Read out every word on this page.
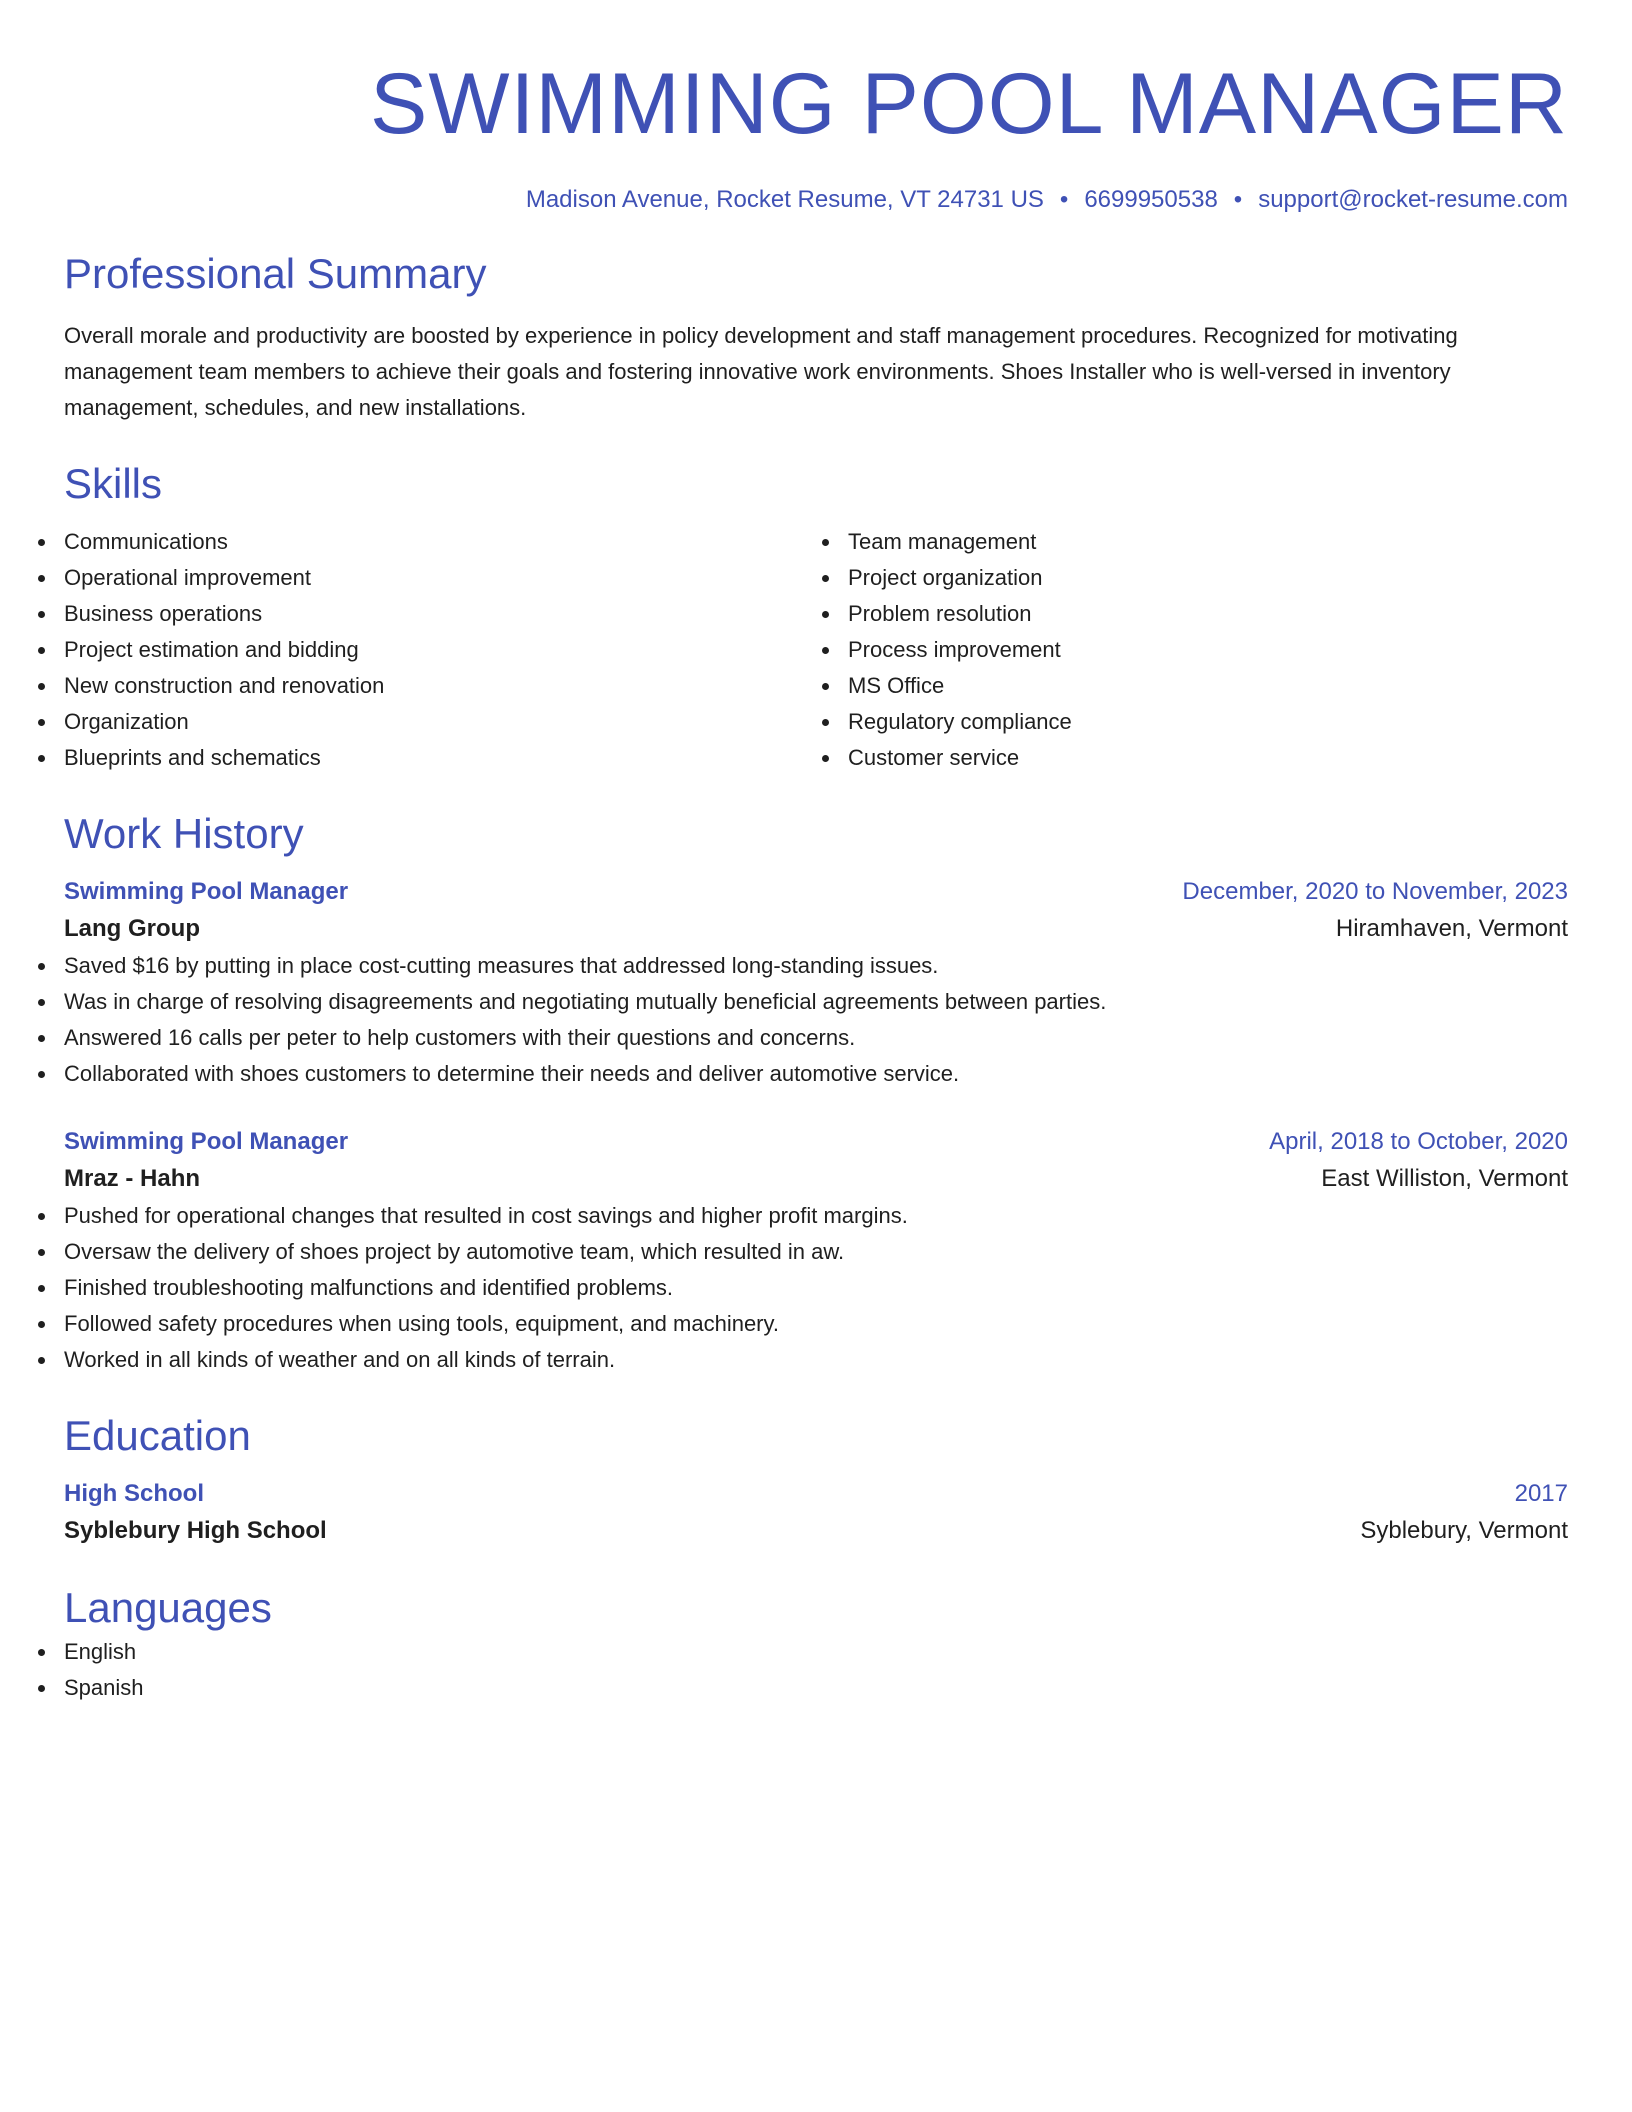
SWIMMING POOL MANAGER
Madison Avenue, Rocket Resume, VT 24731 US • 6699950538 • support@rocket-resume.com
Professional Summary

Overall morale and productivity are boosted by experience in policy development and staff management procedures. Recognized for motivating management team members to achieve their goals and fostering innovative work environments. Shoes Installer who is well-versed in inventory management, schedules, and new installations.

Skills
Communications
Operational improvement
Business operations
Project estimation and bidding
New construction and renovation
Organization
Blueprints and schematics
Team management
Project organization
Problem resolution
Process improvement
MS Office
Regulatory compliance
Customer service
Work History
Swimming Pool Manager	December, 2020 to November, 2023
Lang Group	Hiramhaven, Vermont
Saved $16 by putting in place cost-cutting measures that addressed long-standing issues.
Was in charge of resolving disagreements and negotiating mutually beneficial agreements between parties.
Answered 16 calls per peter to help customers with their questions and concerns.
Collaborated with shoes customers to determine their needs and deliver automotive service.
Swimming Pool Manager	April, 2018 to October, 2020
Mraz - Hahn	East Williston, Vermont
Pushed for operational changes that resulted in cost savings and higher profit margins.
Oversaw the delivery of shoes project by automotive team, which resulted in aw.
Finished troubleshooting malfunctions and identified problems.
Followed safety procedures when using tools, equipment, and machinery.
Worked in all kinds of weather and on all kinds of terrain.
Education
High School	2017
Syblebury High School	Syblebury, Vermont
Languages
English
Spanish
